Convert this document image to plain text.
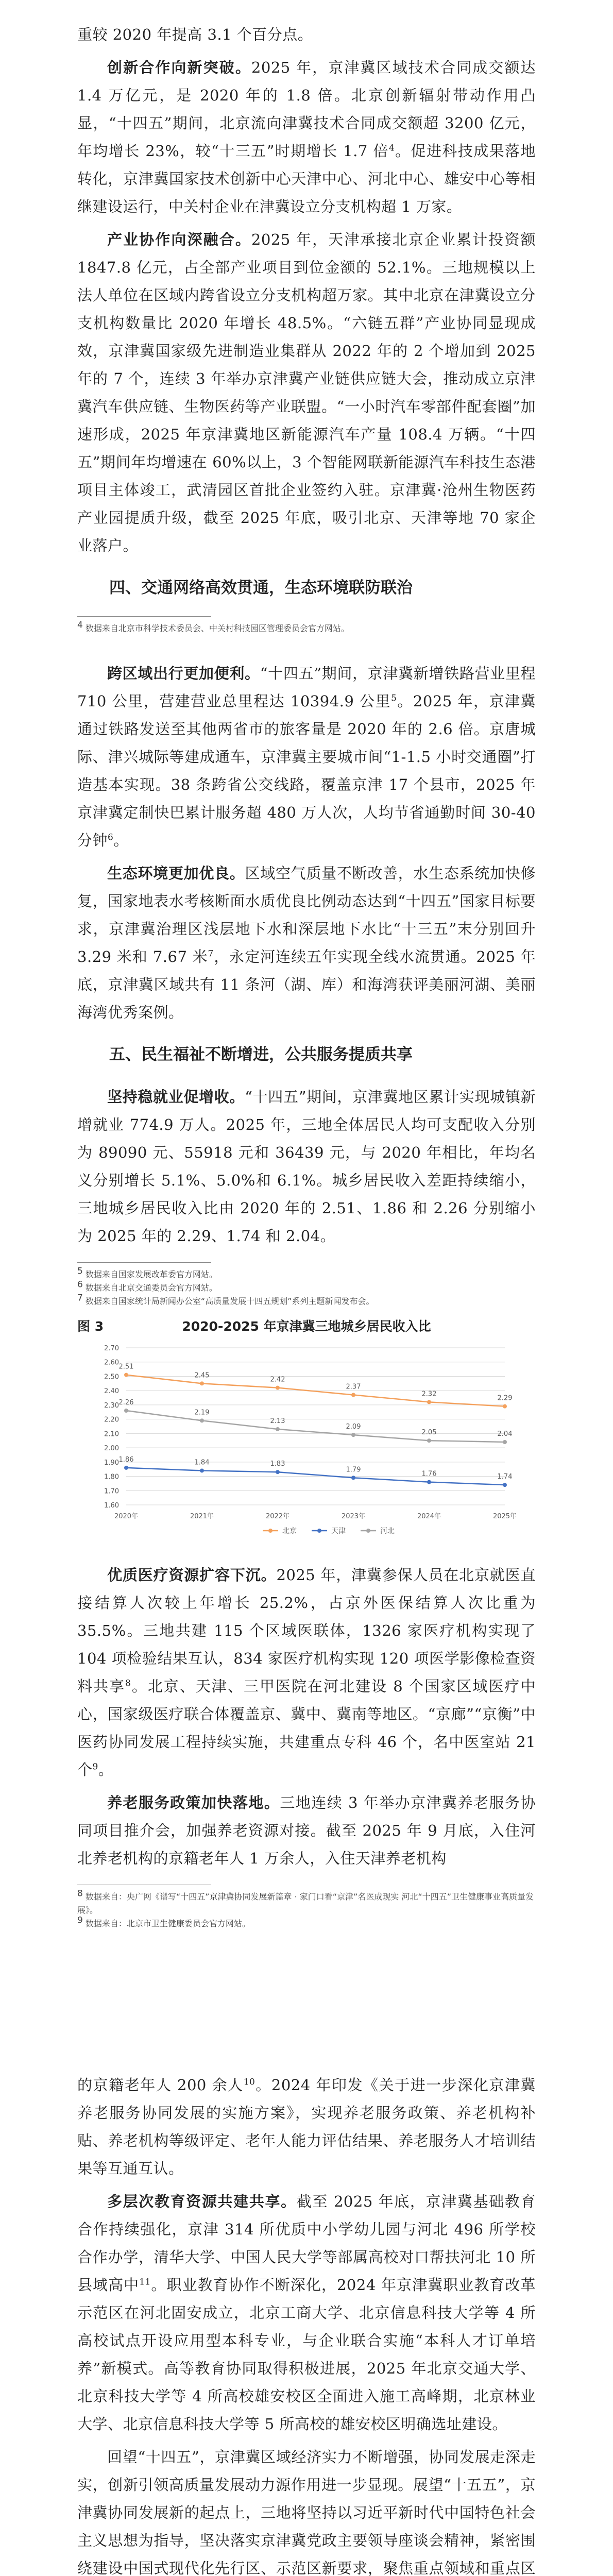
重较 2020 年提高 3.1 个百分点。

创新合作向新突破。2025 年，京津冀区域技术合同成交额达 1.4 万亿元，是 2020 年的 1.8 倍。北京创新辐射带动作用凸显，“十四五”期间，北京流向津冀技术合同成交额超 3200 亿元，年均增长 23%，较“十三五”时期增长 1.7 倍$^4$。促进科技成果落地转化，京津冀国家技术创新中心天津中心、河北中心、雄安中心等相继建设运行，中关村企业在津冀设立分支机构超 1 万家。

产业协作向深融合。2025 年，天津承接北京企业累计投资额 1847.8 亿元，占全部产业项目到位金额的 52.1%。三地规模以上法人单位在区域内跨省设立分支机构超万家。其中北京在津冀设立分支机构数量比 2020 年增长 48.5%。“六链五群”产业协同显现成效，京津冀国家级先进制造业集群从 2022 年的 2 个增加到 2025 年的 7 个，连续 3 年举办京津冀产业链供应链大会，推动成立京津冀汽车供应链、生物医药等产业联盟。“一小时汽车零部件配套圈”加速形成，2025 年京津冀地区新能源汽车产量 108.4 万辆。“十四五”期间年均增速在 60%以上，3 个智能网联新能源汽车科技生态港项目主体竣工，武清园区首批企业签约入驻。京津冀·沧州生物医药产业园提质升级，截至 2025 年底，吸引北京、天津等地 70 家企业落户。

四、交通网络高效贯通，生态环境联防联治

$^4$ 数据来自北京市科学技术委员会、中关村科技园区管理委员会官方网站。

跨区域出行更加便利。“十四五”期间，京津冀新增铁路营业里程 710 公里，营建营业总里程达 10394.9 公里$^5$。2025 年，京津冀通过铁路发送至其他两省市的旅客量是 2020 年的 2.6 倍。京唐城际、津兴城际等建成通车，京津冀主要城市间“1-1.5 小时交通圈”打造基本实现。38 条跨省公交线路，覆盖京津 17 个县市，2025 年京津冀定制快巴累计服务超 480 万人次，人均节省通勤时间 30-40 分钟$^6$。

生态环境更加优良。区域空气质量不断改善，水生态系统加快修复，国家地表水考核断面水质优良比例动态达到“十四五”国家目标要求，京津冀治理区浅层地下水和深层地下水比“十三五”末分别回升 3.29 米和 7.67 米$^7$，永定河连续五年实现全线水流贯通。2025 年底，京津冀区域共有 11 条河（湖、库）和海湾获评美丽河湖、美丽海湾优秀案例。

五、民生福祉不断增进，公共服务提质共享

坚持稳就业促增收。“十四五”期间，京津冀地区累计实现城镇新增就业 774.9 万人。2025 年，三地全体居民人均可支配收入分别为 89090 元、55918 元和 36439 元，与 2020 年相比，年均名义分别增长 5.1%、5.0%和 6.1%。城乡居民收入差距持续缩小，三地城乡居民收入比由 2020 年的 2.51、1.86 和 2.26 分别缩小为 2025 年的 2.29、1.74 和 2.04。

$^5$ 数据来自国家发展改革委官方网站。

$^6$ 数据来自北京交通委员会官方网站。

$^7$ 数据来自国家统计局新闻办公室“高质量发展十四五规划”系列主题新闻发布会。

图 3	2020-2025 年京津冀三地城乡居民收入比
1.60
1.70
1.80
1.90
2.00
2.10
2.20
2.30
2.40
2.50
2.60
2.70
2020年	2021年	2022年	2023年	2024年	2025年
2.51
2.45
2.42
2.37
2.32
2.29
1.86	1.84	1.83
1.79
1.76	1.74
2.26
2.19
2.13
2.09
2.05	2.04
北京	天津	河北

优质医疗资源扩容下沉。2025 年，津冀参保人员在北京就医直接结算人次较上年增长 25.2%，占京外医保结算人次比重为 35.5%。三地共建 115 个区域医联体，1326 家医疗机构实现了 104 项检验结果互认，834 家医疗机构实现 120 项医学影像检查资料共享$^8$。北京、天津、三甲医院在河北建设 8 个国家区域医疗中心，国家级医疗联合体覆盖京、冀中、冀南等地区。“京廊”“京衡”中医药协同发展工程持续实施，共建重点专科 46 个，名中医室站 21 个$^9$。

养老服务政策加快落地。三地连续 3 年举办京津冀养老服务协同项目推介会，加强养老资源对接。截至 2025 年 9 月底，入住河北养老机构的京籍老年人 1 万余人，入住天津养老机构

$^8$ 数据来自：央广网《谱写“十四五”京津冀协同发展新篇章 · 家门口看“京津”名医成现实 河北“十四五”卫生健康事业高质量发展》。

$^9$ 数据来自：北京市卫生健康委员会官方网站。

的京籍老年人 200 余人$^{10}$。2024 年印发《关于进一步深化京津冀养老服务协同发展的实施方案》，实现养老服务政策、养老机构补贴、养老机构等级评定、老年人能力评估结果、养老服务人才培训结果等互通互认。

多层次教育资源共建共享。截至 2025 年底，京津冀基础教育合作持续强化，京津 314 所优质中小学幼儿园与河北 496 所学校合作办学，清华大学、中国人民大学等部属高校对口帮扶河北 10 所县域高中$^{11}$。职业教育协作不断深化，2024 年京津冀职业教育改革示范区在河北固安成立，北京工商大学、北京信息科技大学等 4 所高校试点开设应用型本科专业，与企业联合实施“本科人才订单培养”新模式。高等教育协同取得积极进展，2025 年北京交通大学、北京科技大学等 4 所高校雄安校区全面进入施工高峰期，北京林业大学、北京信息科技大学等 5 所高校的雄安校区明确选址建设。

回望“十四五”，京津冀区域经济实力不断增强，协同发展走深走实，创新引领高质量发展动力源作用进一步显现。展望“十五五”，京津冀协同发展新的起点上，三地将坚持以习近平新时代中国特色社会主义思想为指导，坚决落实京津冀党政主要领导座谈会精神，紧密围绕建设中国式现代化先行区、示范区新要求，聚焦重点领域和重点区
